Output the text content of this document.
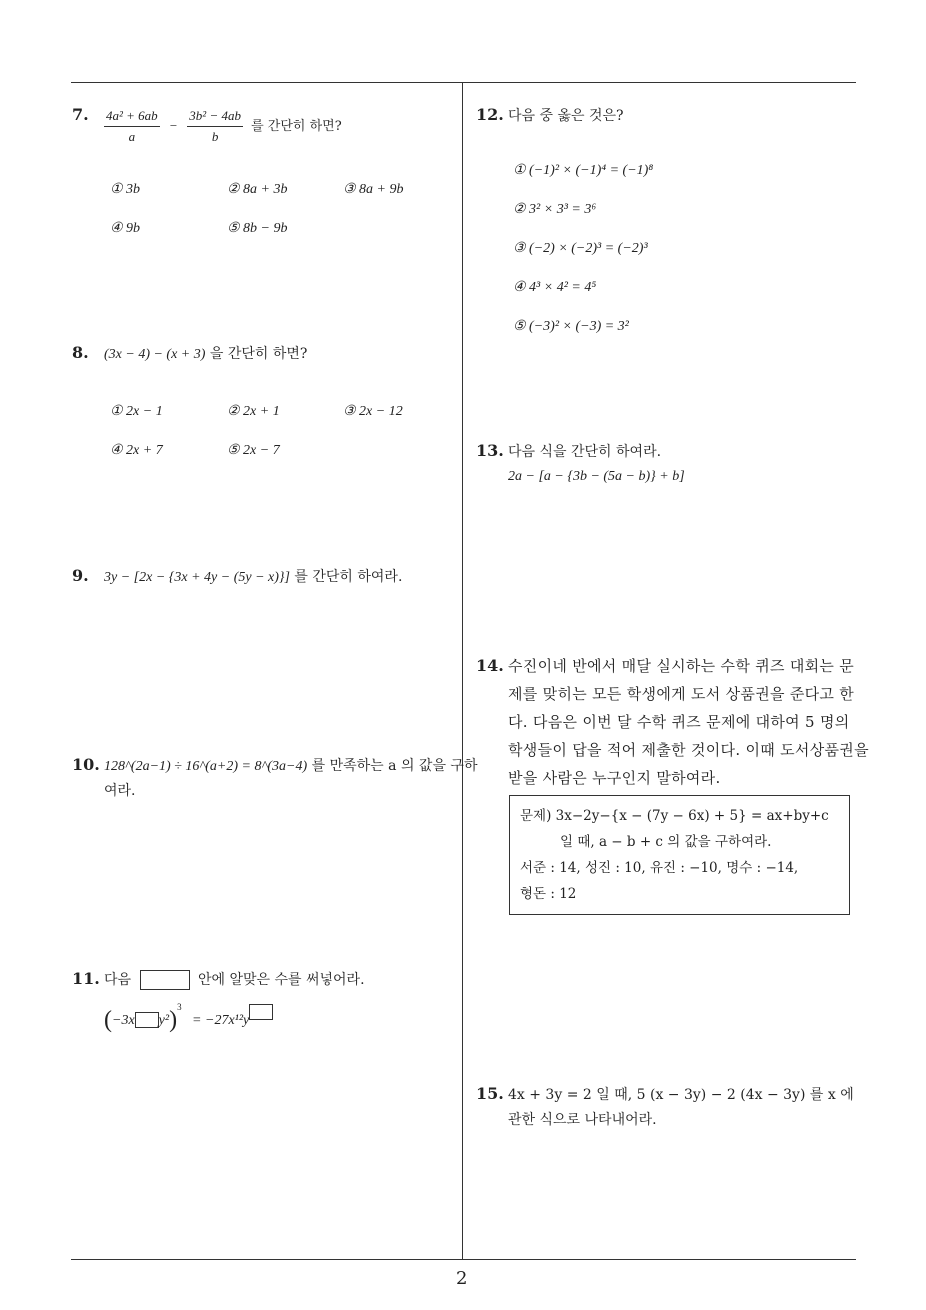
7. $\frac{\text{4a² + 6ab}}{a} - \frac{\text{3b² − 4ab}}{b}$ 를 간단히 하면?
① 3b	② 8a + 3b	③ 8a + 9b
④ 9b	⑤ 8b − 9b
8. (3x − 4) − (x + 3) 을 간단히 하면?
① 2x − 1	② 2x + 1	③ 2x − 12
④ 2x + 7	⑤ 2x − 7
9. 3y − [2x − {3x + 4y − (5y − x)}] 를 간단히 하여라.
10. 128^(2a−1) ÷ 16^(a+2) = 8^(3a−4) 를 만족하는 a 의 값을 구하
여라.
11. 다음	안에 알맞은 수를 써넣어라.
(−3x y²)$^3$ = −27x¹²y
12. 다음 중 옳은 것은?
① (−1)² × (−1)⁴ = (−1)⁸
② 3² × 3³ = 3⁶
③ (−2) × (−2)³ = (−2)³
④ 4³ × 4² = 4⁵
⑤ (−3)² × (−3) = 3²
13. 다음 식을 간단히 하여라.
2a − [a − {3b − (5a − b)} + b]
14. 수진이네 반에서 매달 실시하는 수학 퀴즈 대회는 문
제를 맞히는 모든 학생에게 도서 상품권을 준다고 한
다. 다음은 이번 달 수학 퀴즈 문제에 대하여 5 명의
학생들이 답을 적어 제출한 것이다. 이때 도서상품권을
받을 사람은 누구인지 말하여라.
문제) 3x−2y−{x − (7y − 6x) + 5} = ax+by+c
일 때, a − b + c 의 값을 구하여라.
서준 : 14, 성진 : 10, 유진 : −10, 명수 : −14,
형돈 : 12
15. 4x + 3y = 2 일 때, 5 (x − 3y) − 2 (4x − 3y) 를 x 에
관한 식으로 나타내어라.
2
